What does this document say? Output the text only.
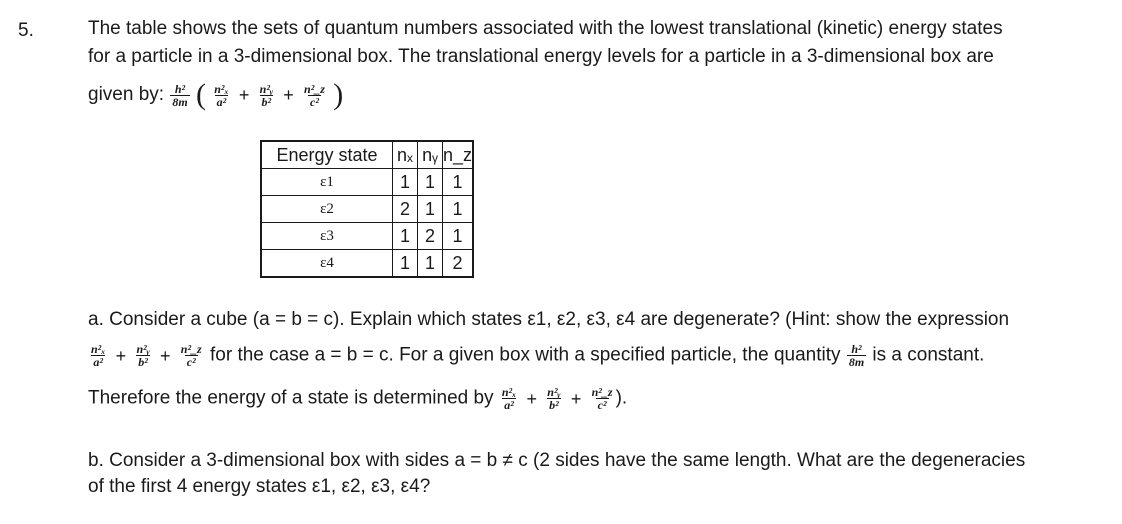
5.	The table shows the sets of quantum numbers associated with the lowest translational (kinetic) energy states
for a particle in a 3-dimensional box. The translational energy levels for a particle in a 3-dimensional box are
given by: $\frac{\text{h²}}{8m}$ ( $\frac{\text{n²ₓ}}{\text{a²}} + \frac{\text{n²ᵧ}}{\text{b²}} + \frac{\text{n²\_z}}{\text{c²}}$ )
Energy state	nₓ	nᵧ	n_z
ε1	1	1	1
ε2	2	1	1
ε3	1	2	1
ε4	1	1	2
a. Consider a cube (a = b = c). Explain which states ε1, ε2, ε3, ε4 are degenerate? (Hint: show the expression
$\frac{\text{n²ₓ}}{\text{a²}} + \frac{\text{n²ᵧ}}{\text{b²}} + \frac{\text{n²\_z}}{\text{c²}}$ for the case a = b = c. For a given box with a specified particle, the quantity $\frac{\text{h²}}{8m}$ is a constant.
Therefore the energy of a state is determined by $\frac{\text{n²ₓ}}{\text{a²}} + \frac{\text{n²ᵧ}}{\text{b²}} + \frac{\text{n²\_z}}{\text{c²}}$ ).
b. Consider a 3-dimensional box with sides a = b ≠ c (2 sides have the same length. What are the degeneracies
of the first 4 energy states ε1, ε2, ε3, ε4?
